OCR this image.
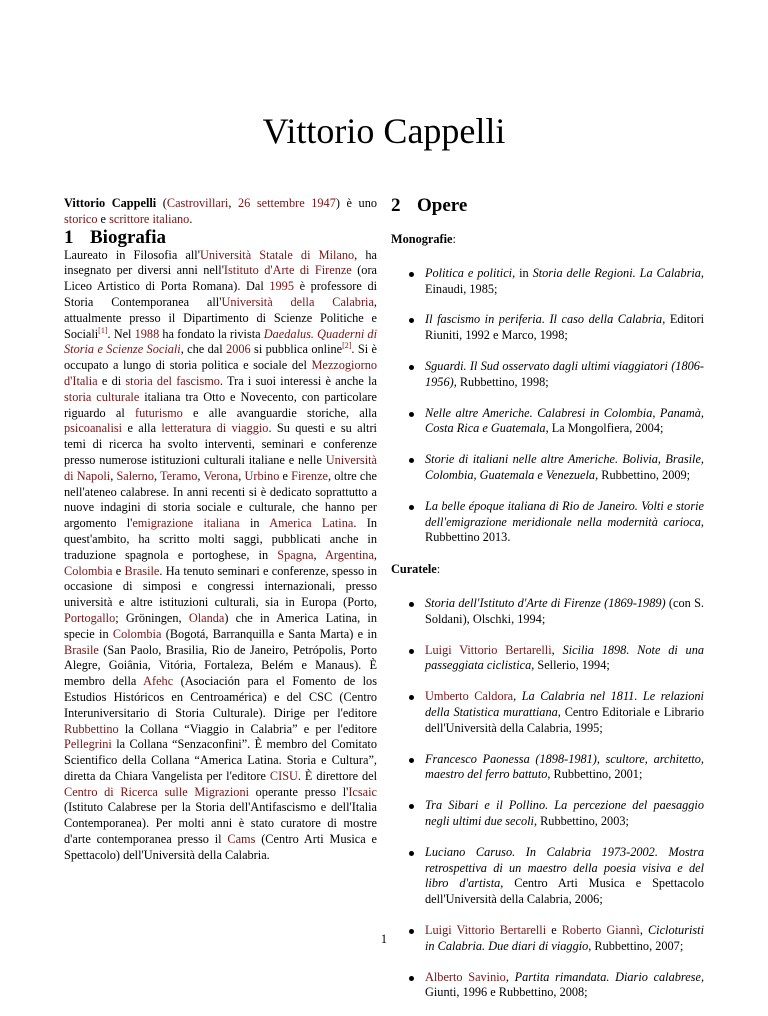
Vittorio Cappelli

Vittorio Cappelli (Castrovillari, 26 settembre 1947) è uno storico e scrittore italiano.

1 Biografia

Laureato in Filosofia all'Università Statale di Milano, ha insegnato per diversi anni nell'Istituto d'Arte di Firenze (ora Liceo Artistico di Porta Romana). Dal 1995 è professore di Storia Contemporanea all'Università della Calabria, attualmente presso il Dipartimento di Scienze Politiche e Sociali[1]. Nel 1988 ha fondato la rivista Daedalus. Quaderni di Storia e Scienze Sociali, che dal 2006 si pubblica online[2]. Si è occupato a lungo di storia politica e sociale del Mezzogiorno d'Italia e di storia del fascismo. Tra i suoi interessi è anche la storia culturale italiana tra Otto e Novecento, con particolare riguardo al futurismo e alle avanguardie storiche, alla psicoanalisi e alla letteratura di viaggio. Su questi e su altri temi di ricerca ha svolto interventi, seminari e conferenze presso numerose istituzioni culturali italiane e nelle Università di Napoli, Salerno, Teramo, Verona, Urbino e Firenze, oltre che nell'ateneo calabrese. In anni recenti si è dedicato soprattutto a nuove indagini di storia sociale e culturale, che hanno per argomento l'emigrazione italiana in America Latina. In quest'ambito, ha scritto molti saggi, pubblicati anche in traduzione spagnola e portoghese, in Spagna, Argentina, Colombia e Brasile. Ha tenuto seminari e conferenze, spesso in occasione di simposi e congressi internazionali, presso università e altre istituzioni culturali, sia in Europa (Porto, Portogallo; Gröningen, Olanda) che in America Latina, in specie in Colombia (Bogotá, Barranquilla e Santa Marta) e in Brasile (San Paolo, Brasilia, Rio de Janeiro, Petrópolis, Porto Alegre, Goiânia, Vitória, Fortaleza, Belém e Manaus). È membro della Afehc (Asociación para el Fomento de los Estudios Históricos en Centroamérica) e del CSC (Centro Interuniversitario di Storia Culturale). Dirige per l'editore Rubbettino la Collana “Viaggio in Calabria” e per l'editore Pellegrini la Collana “Senzaconfini”. È membro del Comitato Scientifico della Collana “America Latina. Storia e Cultura”, diretta da Chiara Vangelista per l'editore CISU. È direttore del Centro di Ricerca sulle Migrazioni operante presso l'Icsaic (Istituto Calabrese per la Storia dell'Antifascismo e dell'Italia Contemporanea). Per molti anni è stato curatore di mostre d'arte contemporanea presso il Cams (Centro Arti Musica e Spettacolo) dell'Università della Calabria.

2 Opere
Monografie:
Politica e politici, in Storia delle Regioni. La Calabria, Einaudi, 1985;
Il fascismo in periferia. Il caso della Calabria, Editori Riuniti, 1992 e Marco, 1998;
Sguardi. Il Sud osservato dagli ultimi viaggiatori (1806-1956), Rubbettino, 1998;
Nelle altre Americhe. Calabresi in Colombia, Panamà, Costa Rica e Guatemala, La Mongolfiera, 2004;
Storie di italiani nelle altre Americhe. Bolivia, Brasile, Colombia, Guatemala e Venezuela, Rubbettino, 2009;
La belle époque italiana di Rio de Janeiro. Volti e storie dell'emigrazione meridionale nella modernità carioca, Rubbettino 2013.
Curatele:
Storia dell'Istituto d'Arte di Firenze (1869-1989) (con S. Soldani), Olschki, 1994;
Luigi Vittorio Bertarelli, Sicilia 1898. Note di una passeggiata ciclistica, Sellerio, 1994;
Umberto Caldora, La Calabria nel 1811. Le relazioni della Statistica murattiana, Centro Editoriale e Librario dell'Università della Calabria, 1995;
Francesco Paonessa (1898-1981), scultore, architetto, maestro del ferro battuto, Rubbettino, 2001;
Tra Sibari e il Pollino. La percezione del paesaggio negli ultimi due secoli, Rubbettino, 2003;
Luciano Caruso. In Calabria 1973-2002. Mostra retrospettiva di un maestro della poesia visiva e del libro d'artista, Centro Arti Musica e Spettacolo dell'Università della Calabria, 2006;
Luigi Vittorio Bertarelli e Roberto Giannì, Cicloturisti in Calabria. Due diari di viaggio, Rubbettino, 2007;
Alberto Savinio, Partita rimandata. Diario calabrese, Giunti, 1996 e Rubbettino, 2008;
1
